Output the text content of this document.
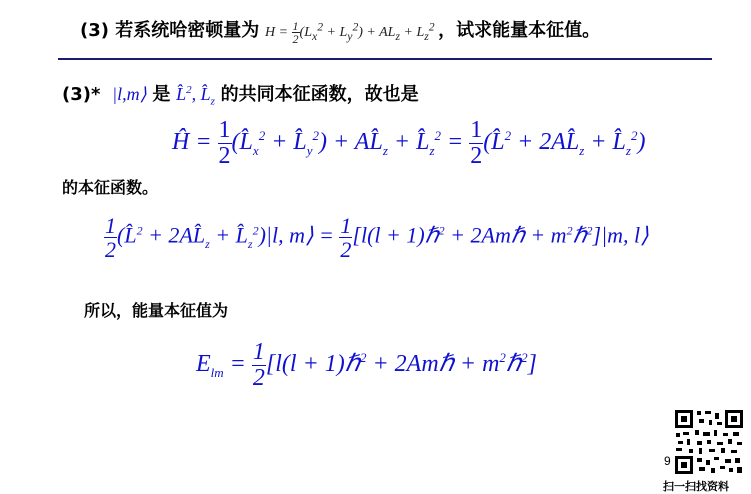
(3) 若系统哈密顿量为 $H = \frac{1}{2} (L_x^2 + L_y^2) + AL_z + L_z^2$ ，试求能量本征值。
(3)* |l,m⟩ 是 L̂$^2$, $L̂_z$ 的共同本征函数，故也是
Ĥ = $\frac{1}{2}$ ($L̂_x^2$ + $L̂_y^2$) + $AL̂_z$ + $L̂_z^2 = \frac{1}{2}$ (L̂$^2$ + $2AL̂_z$ + $L̂_z^2$)
的本征函数。
$\frac{1}{2}$ (L̂$^2$ + $2AL̂_z$ + $L̂_z^2)|l$, m⟩ = $\frac{1}{2} [l(l$ + 1)ℏ$^2$ + 2Amℏ + $m^2\hbar^2]|m$, l⟩
所以，能量本征值为
$E_{lm} = \frac{1}{2} [l(l$ + 1)ℏ$^2$ + 2Amℏ + $m^2\hbar^2$]
9
扫一扫找资料
